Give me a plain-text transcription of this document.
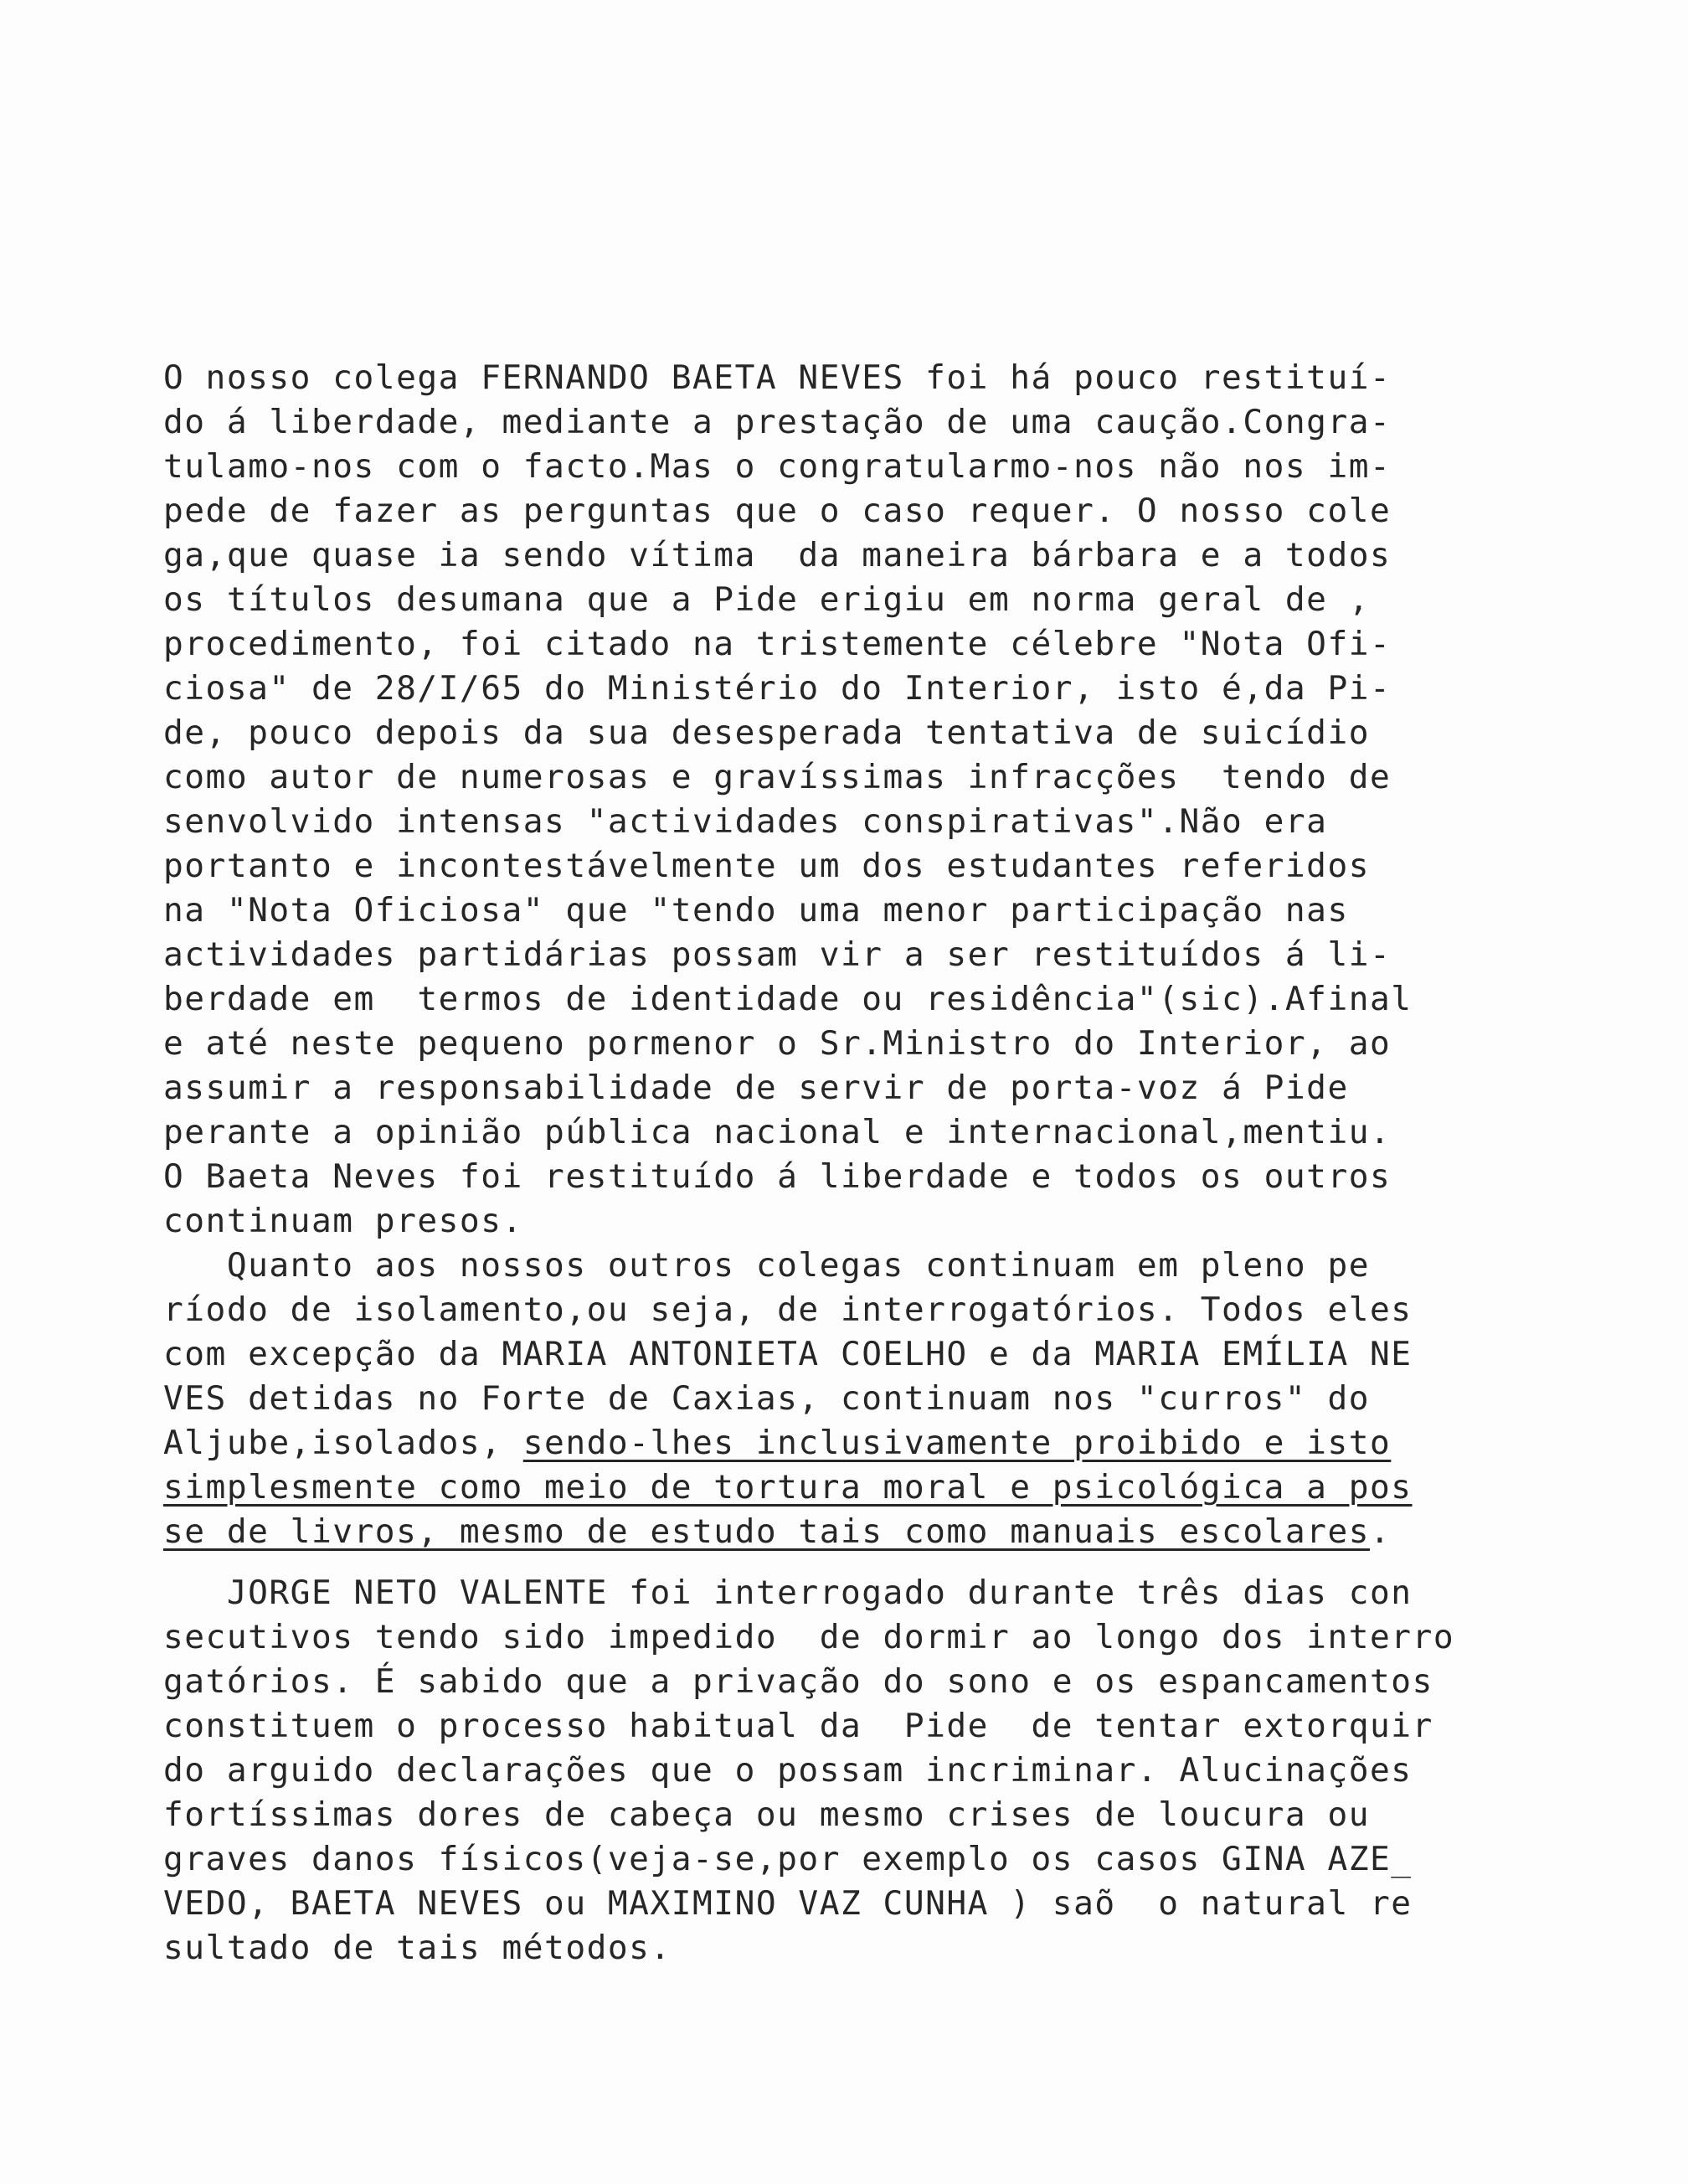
O nosso colega FERNANDO BAETA NEVES foi há pouco restituí-
do á liberdade, mediante a prestação de uma caução.Congra-
tulamo-nos com o facto.Mas o congratularmo-nos não nos im-
pede de fazer as perguntas que o caso requer. O nosso cole
ga,que quase ia sendo vítima  da maneira bárbara e a todos
os títulos desumana que a Pide erigiu em norma geral de ,
procedimento, foi citado na tristemente célebre "Nota Ofi-
ciosa" de 28/I/65 do Ministério do Interior, isto é,da Pi-
de, pouco depois da sua desesperada tentativa de suicídio
como autor de numerosas e gravíssimas infracções  tendo de
senvolvido intensas "actividades conspirativas".Não era
portanto e incontestávelmente um dos estudantes referidos
na "Nota Oficiosa" que "tendo uma menor participação nas
actividades partidárias possam vir a ser restituídos á li-
berdade em  termos de identidade ou residência"(sic).Afinal
e até neste pequeno pormenor o Sr.Ministro do Interior, ao
assumir a responsabilidade de servir de porta-voz á Pide
perante a opinião pública nacional e internacional,mentiu.
O Baeta Neves foi restituído á liberdade e todos os outros
continuam presos.
Quanto aos nossos outros colegas continuam em pleno pe
ríodo de isolamento,ou seja, de interrogatórios. Todos eles
com excepção da MARIA ANTONIETA COELHO e da MARIA EMÍLIA NE
VES detidas no Forte de Caxias, continuam nos "curros" do
Aljube,isolados, sendo-lhes inclusivamente proibido e isto
simplesmente como meio de tortura moral e psicológica a pos
se de livros, mesmo de estudo tais como manuais escolares.
JORGE NETO VALENTE foi interrogado durante três dias con
secutivos tendo sido impedido  de dormir ao longo dos interro
gatórios. É sabido que a privação do sono e os espancamentos
constituem o processo habitual da  Pide  de tentar extorquir
do arguido declarações que o possam incriminar. Alucinações
fortíssimas dores de cabeça ou mesmo crises de loucura ou
graves danos físicos(veja-se,por exemplo os casos GINA AZE_
VEDO, BAETA NEVES ou MAXIMINO VAZ CUNHA ) saõ  o natural re
sultado de tais métodos.
